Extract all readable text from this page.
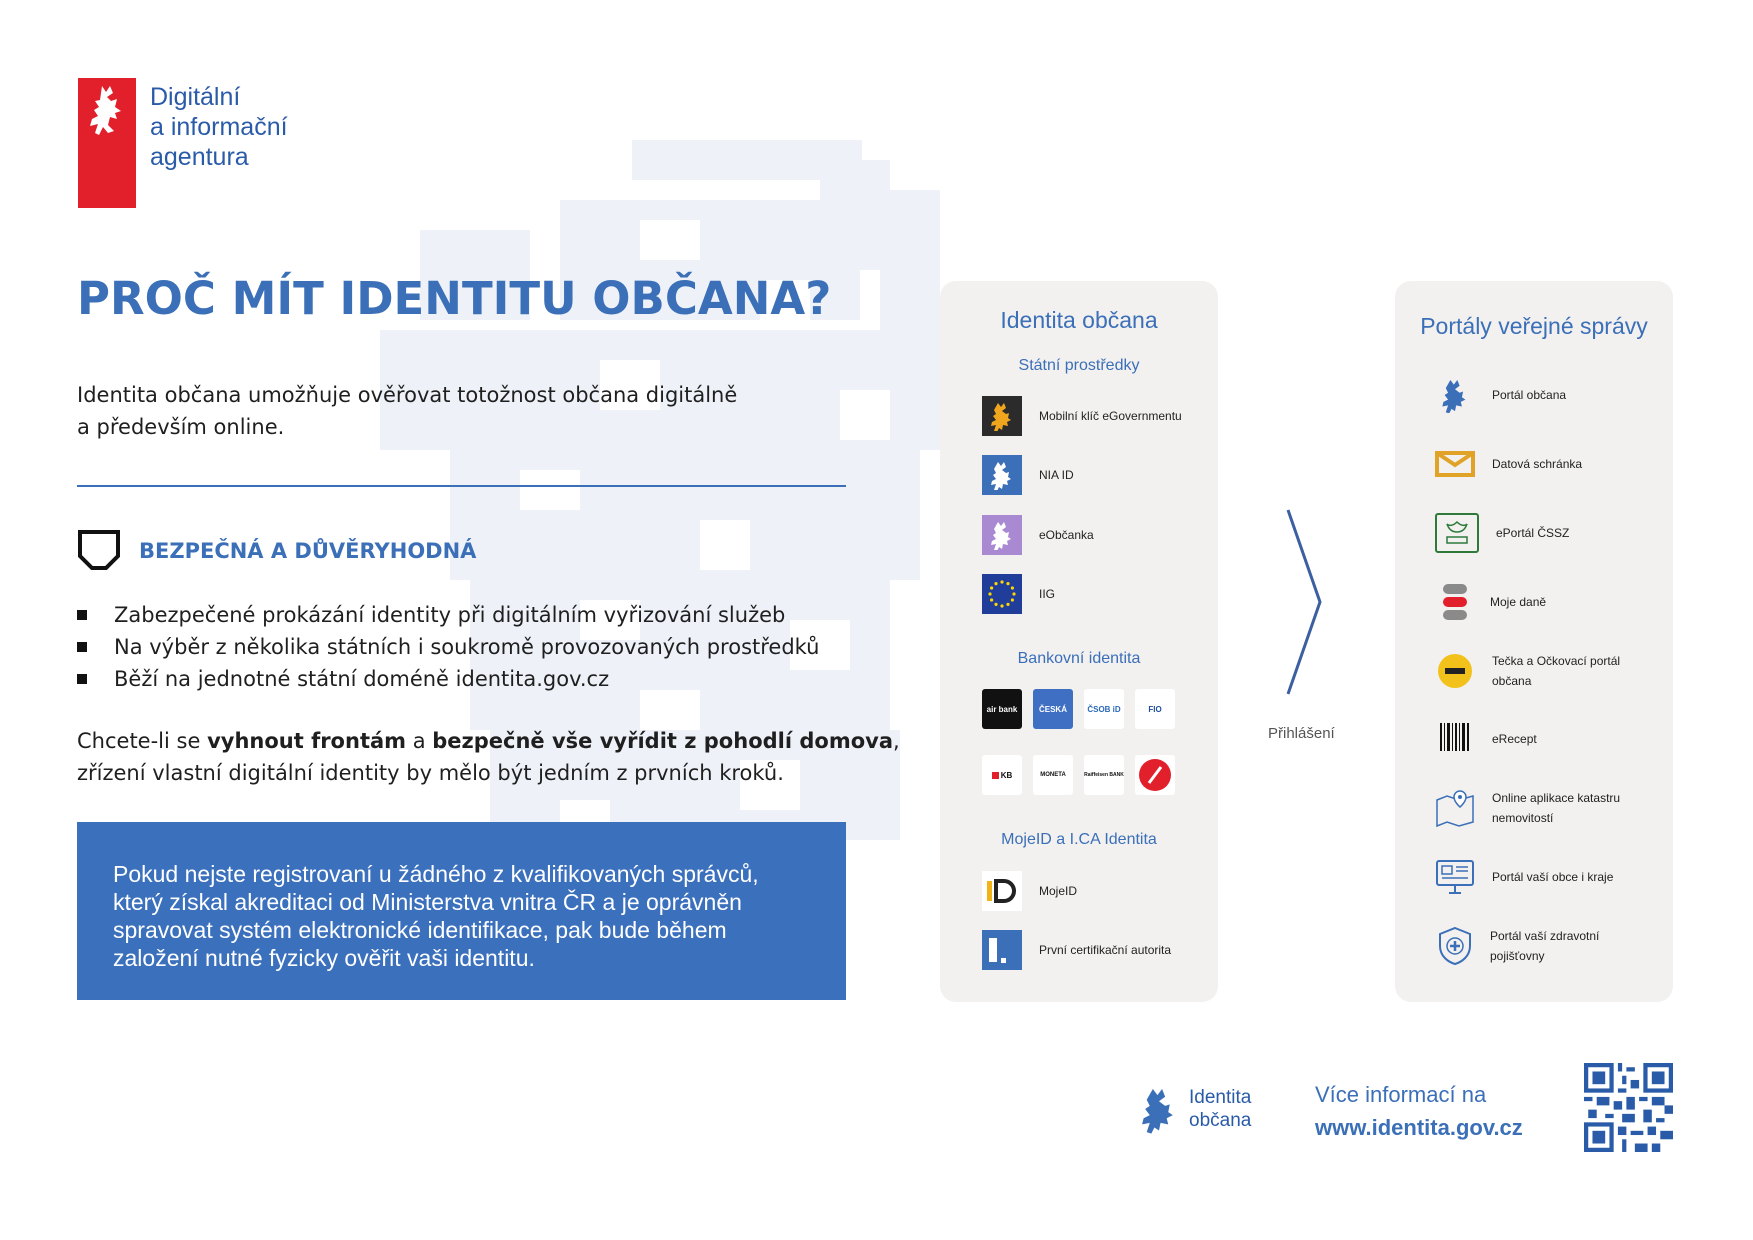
Digitální
a informační
agentura
PROČ MÍT IDENTITU OBČANA?
Identita občana umožňuje ověřovat totožnost občana digitálně
a především online.
BEZPEČNÁ A DŮVĚRYHODNÁ
Zabezpečené prokázání identity při digitálním vyřizování služeb
Na výběr z několika státních i soukromě provozovaných prostředků
Běží na jednotné státní doméně identita.gov.cz
Chcete-li se vyhnout frontám a bezpečně vše vyřídit z pohodlí domova,
zřízení vlastní digitální identity by mělo být jedním z prvních kroků.
Pokud nejste registrovaní u žádného z kvalifikovaných správců, který získal akreditaci od Ministerstva vnitra ČR a je oprávněn spravovat systém elektronické identifikace, pak bude během založení nutné fyzicky ověřit vaši identitu.
Identita občana
Státní prostředky
Mobilní klíč eGovernmentu
NIA ID
eObčanka
IIG
Bankovní identita
air bank	ČESKÁ	ČSOB iD	FIO
KB	MONETA	Raiffeisen BANK
MojeID a I.CA Identita
MojeID
První certifikační autorita
Přihlášení
Portály veřejné správy
Portál občana
Datová schránka
ePortál ČSSZ
Moje daně
Tečka a Očkovací portál občana
eRecept
Online aplikace katastru nemovitostí
Portál vaší obce i kraje
Portál vaší zdravotní pojišťovny
Identita
občana
Více informací na
www.identita.gov.cz
